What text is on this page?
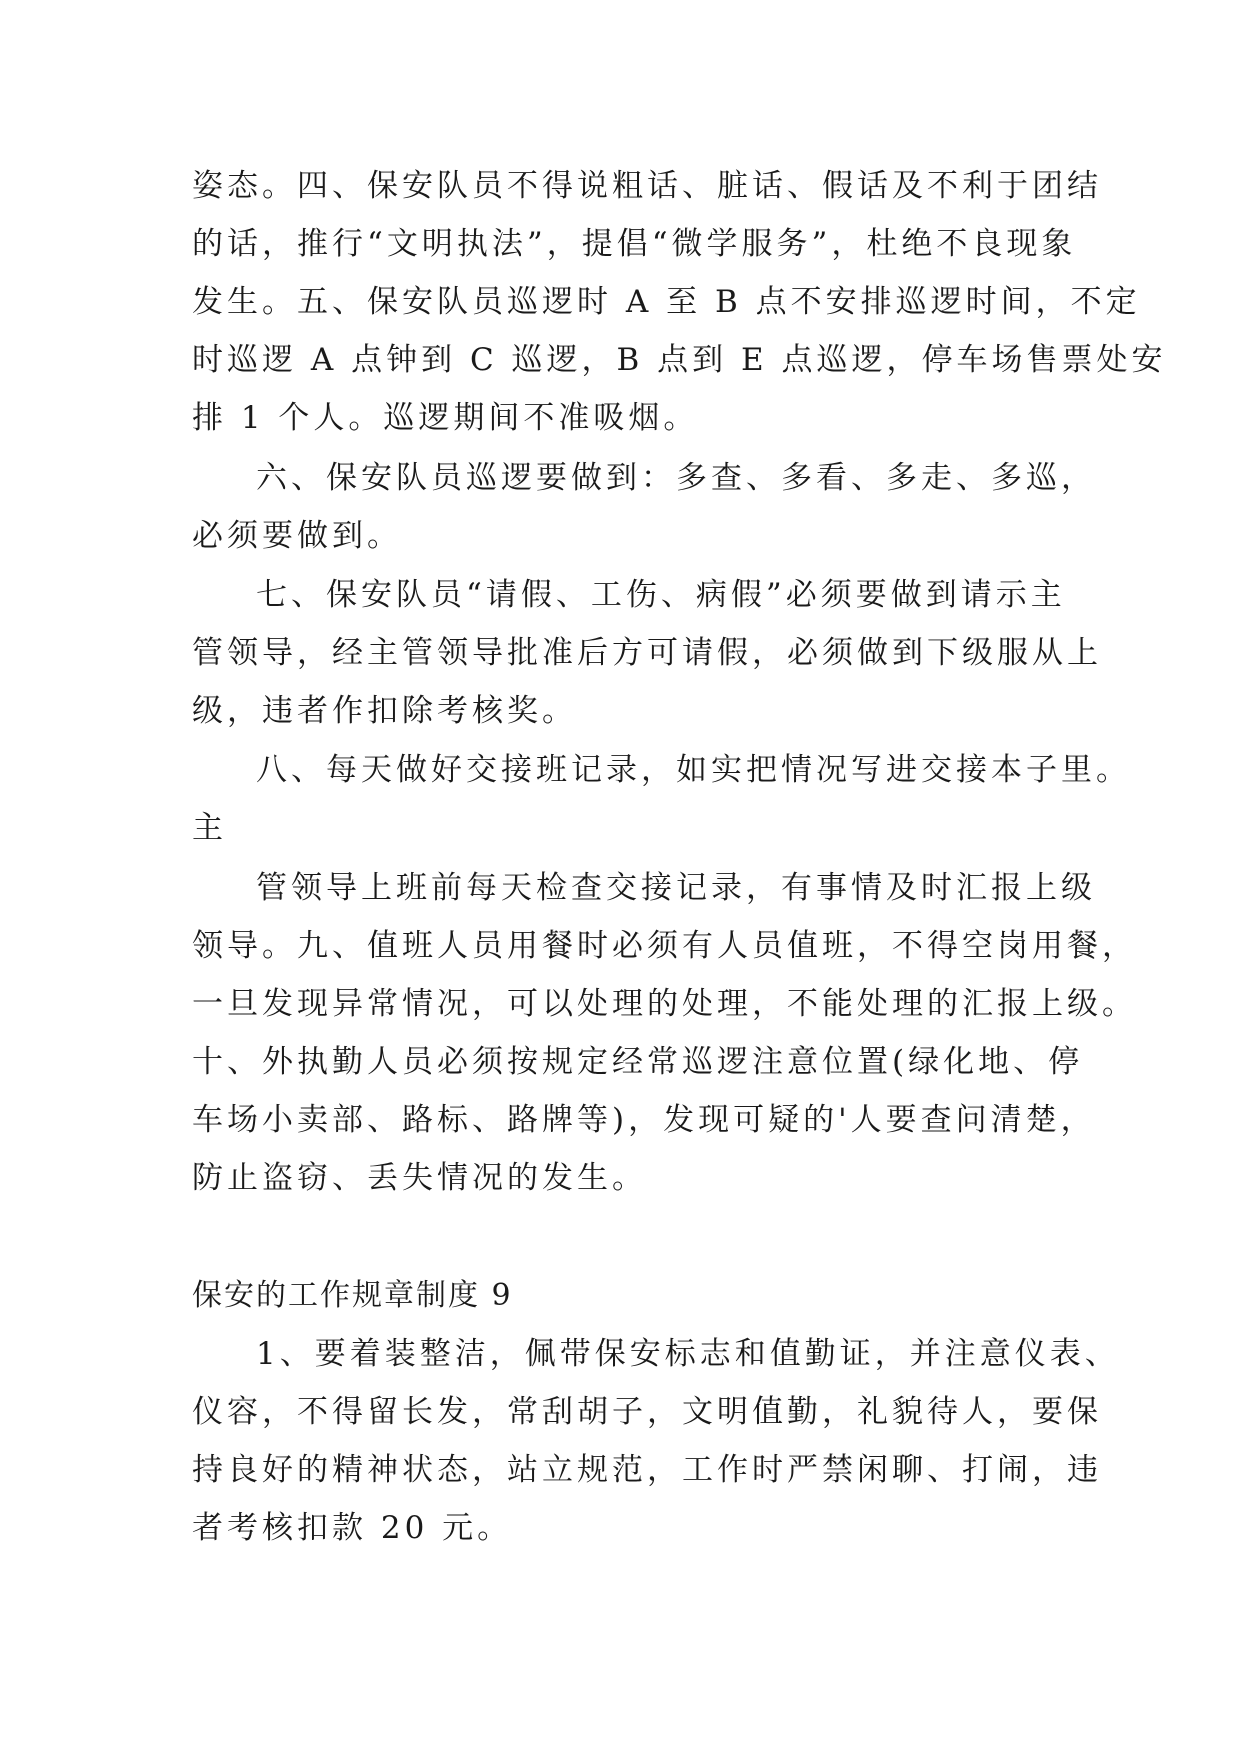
姿态。四、保安队员不得说粗话、脏话、假话及不利于团结
的话，推行“文明执法”，提倡“微学服务”，杜绝不良现象
发生。五、保安队员巡逻时 A 至 B 点不安排巡逻时间，不定
时巡逻 A 点钟到 C 巡逻，B 点到 E 点巡逻，停车场售票处安
排 1 个人。巡逻期间不准吸烟。
六、保安队员巡逻要做到：多查、多看、多走、多巡，
必须要做到。
七、保安队员“请假、工伤、病假”必须要做到请示主
管领导，经主管领导批准后方可请假，必须做到下级服从上
级，违者作扣除考核奖。
八、每天做好交接班记录，如实把情况写进交接本子里。
主
管领导上班前每天检查交接记录，有事情及时汇报上级
领导。九、值班人员用餐时必须有人员值班，不得空岗用餐，
一旦发现异常情况，可以处理的处理，不能处理的汇报上级。
十、外执勤人员必须按规定经常巡逻注意位置(绿化地、停
车场小卖部、路标、路牌等)，发现可疑的'人要查问清楚，
防止盗窃、丢失情况的发生。
保安的工作规章制度 9
1、要着装整洁，佩带保安标志和值勤证，并注意仪表、
仪容，不得留长发，常刮胡子，文明值勤，礼貌待人，要保
持良好的精神状态，站立规范，工作时严禁闲聊、打闹，违
者考核扣款 20 元。
